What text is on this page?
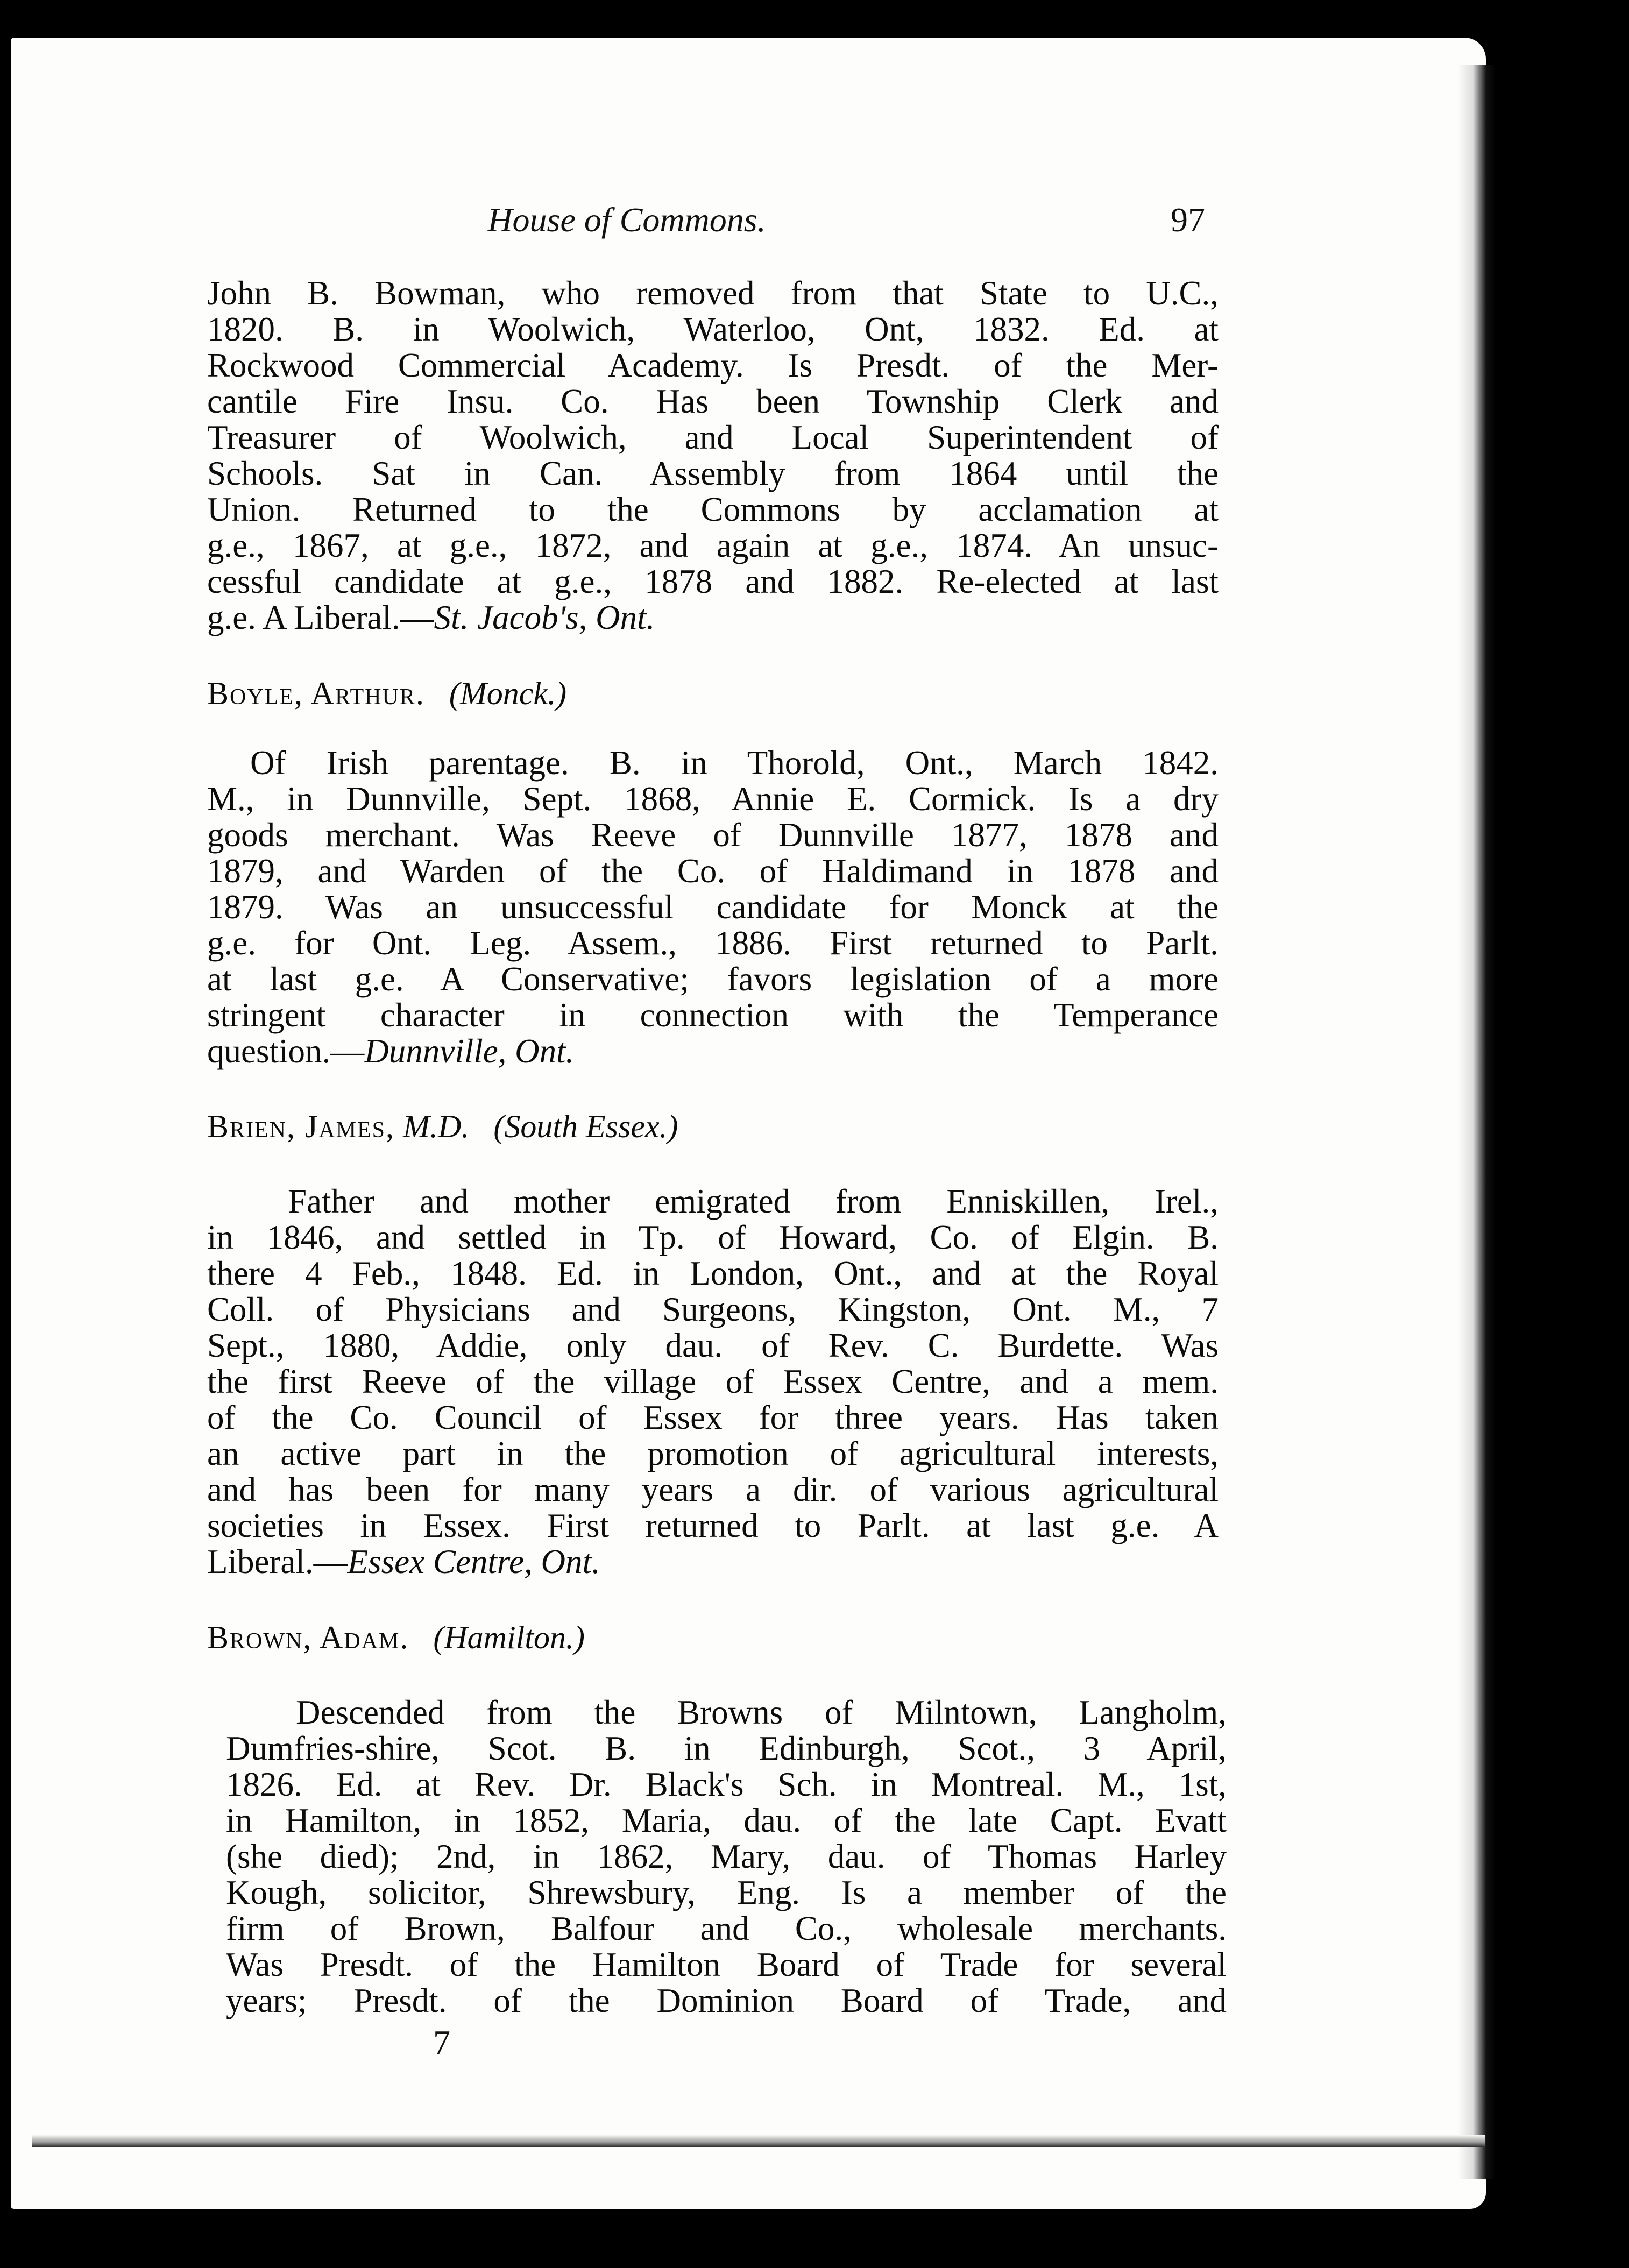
House of Commons.	97
John B. Bowman, who removed from that State to U.C.,
1820. B. in Woolwich, Waterloo, Ont, 1832. Ed. at
Rockwood Commercial Academy. Is Presdt. of the Mer-
cantile Fire Insu. Co. Has been Township Clerk and
Treasurer of Woolwich, and Local Superintendent of
Schools. Sat in Can. Assembly from 1864 until the
Union. Returned to the Commons by acclamation at
g.e., 1867, at g.e., 1872, and again at g.e., 1874. An unsuc-
cessful candidate at g.e., 1878 and 1882. Re-elected at last
g.e. A Liberal.—St. Jacob's, Ont.
Boyle, Arthur. (Monck.)
Of Irish parentage. B. in Thorold, Ont., March 1842.
M., in Dunnville, Sept. 1868, Annie E. Cormick. Is a dry
goods merchant. Was Reeve of Dunnville 1877, 1878 and
1879, and Warden of the Co. of Haldimand in 1878 and
1879. Was an unsuccessful candidate for Monck at the
g.e. for Ont. Leg. Assem., 1886. First returned to Parlt.
at last g.e. A Conservative; favors legislation of a more
stringent character in connection with the Temperance
question.—Dunnville, Ont.
Brien, James, M.D. (South Essex.)
Father and mother emigrated from Enniskillen, Irel.,
in 1846, and settled in Tp. of Howard, Co. of Elgin. B.
there 4 Feb., 1848. Ed. in London, Ont., and at the Royal
Coll. of Physicians and Surgeons, Kingston, Ont. M., 7
Sept., 1880, Addie, only dau. of Rev. C. Burdette. Was
the first Reeve of the village of Essex Centre, and a mem.
of the Co. Council of Essex for three years. Has taken
an active part in the promotion of agricultural interests,
and has been for many years a dir. of various agricultural
societies in Essex. First returned to Parlt. at last g.e. A
Liberal.—Essex Centre, Ont.
Brown, Adam. (Hamilton.)
Descended from the Browns of Milntown, Langholm,
Dumfries-shire, Scot. B. in Edinburgh, Scot., 3 April,
1826. Ed. at Rev. Dr. Black's Sch. in Montreal. M., 1st,
in Hamilton, in 1852, Maria, dau. of the late Capt. Evatt
(she died); 2nd, in 1862, Mary, dau. of Thomas Harley
Kough, solicitor, Shrewsbury, Eng. Is a member of the
firm of Brown, Balfour and Co., wholesale merchants.
Was Presdt. of the Hamilton Board of Trade for several
years; Presdt. of the Dominion Board of Trade, and
7
